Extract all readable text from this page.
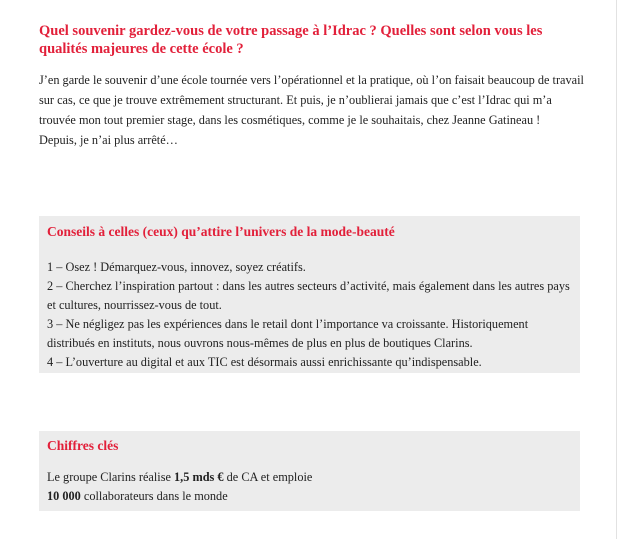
Quel souvenir gardez-vous de votre passage à l’Idrac ? Quelles sont selon vous les qualités majeures de cette école ?
J’en garde le souvenir d’une école tournée vers l’opérationnel et la pratique, où l’on faisait beaucoup de travail sur cas, ce que je trouve extrêmement structurant. Et puis, je n’oublierai jamais que c’est l’Idrac qui m’a trouvée mon tout premier stage, dans les cosmétiques, comme je le souhaitais, chez Jeanne Gatineau !
Depuis, je n’ai plus arrêté…
Conseils à celles (ceux) qu’attire l’univers de la mode-beauté
1 – Osez ! Démarquez-vous, innovez, soyez créatifs.
2 – Cherchez l’inspiration partout : dans les autres secteurs d’activité, mais également dans les autres pays et cultures, nourrissez-vous de tout.
3 – Ne négligez pas les expériences dans le retail dont l’importance va croissante. Historiquement distribués en instituts, nous ouvrons nous-mêmes de plus en plus de boutiques Clarins.
4 – L’ouverture au digital et aux TIC est désormais aussi enrichissante qu’indispensable.
Chiffres clés
Le groupe Clarins réalise 1,5 mds € de CA et emploie
10 000 collaborateurs dans le monde
